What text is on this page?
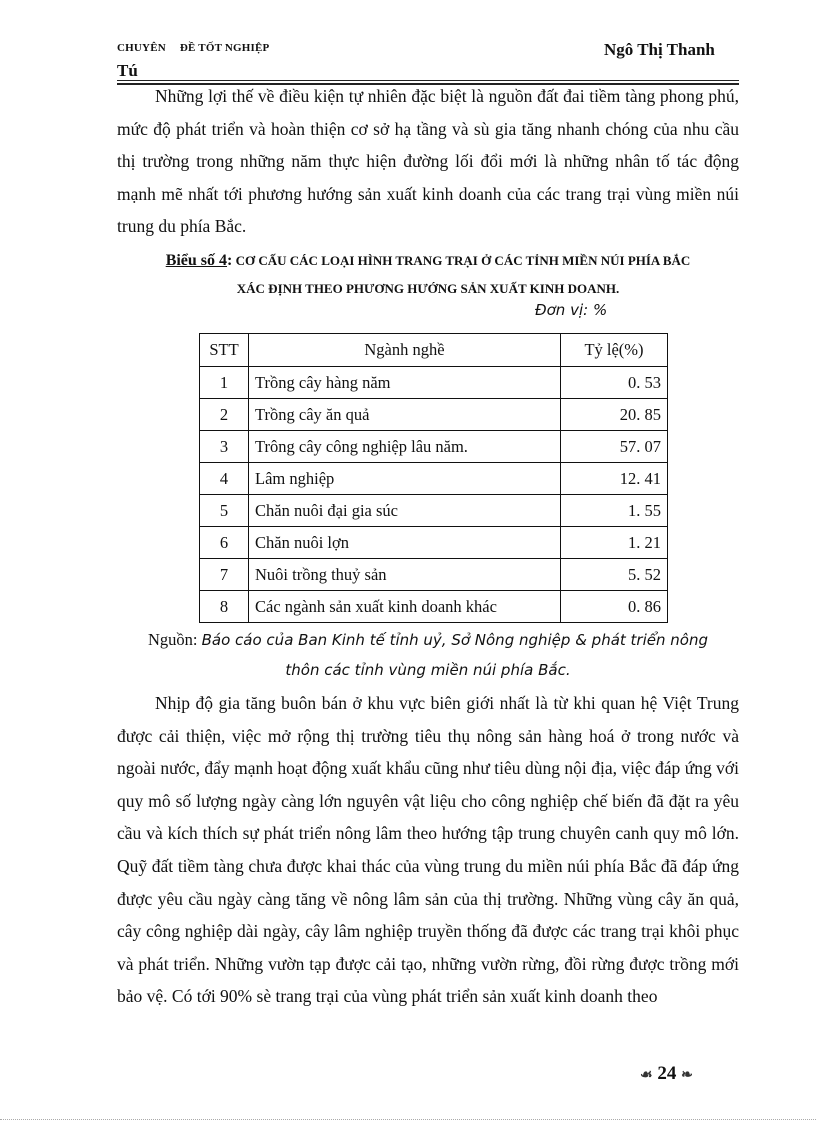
CHUYÊN ĐỀ TỐT NGHIỆP	Ngô Thị Thanh
Tú

Những lợi thế về điều kiện tự nhiên đặc biệt là nguồn đất đai tiềm tàng phong phú, mức độ phát triển và hoàn thiện cơ sở hạ tầng và sù gia tăng nhanh chóng của nhu cầu thị trường trong những năm thực hiện đường lối đổi mới là những nhân tố tác động mạnh mẽ nhất tới phương hướng sản xuất kinh doanh của các trang trại vùng miền núi trung du phía Bắc.

Biểu số 4: CƠ CẤU CÁC LOẠI HÌNH TRANG TRẠI Ở CÁC TỈNH MIỀN NÚI PHÍA BẮC
XÁC ĐỊNH THEO PHƯƠNG HƯỚNG SẢN XUẤT KINH DOANH.
Đơn vị: %
STT	Ngành nghề	Tỷ lệ(%)
1	Trồng cây hàng năm	0. 53
2	Trồng cây ăn quả	20. 85
3	Trông cây công nghiệp lâu năm.	57. 07
4	Lâm nghiệp	12. 41
5	Chăn nuôi đại gia súc	1. 55
6	Chăn nuôi lợn	1. 21
7	Nuôi trồng thuỷ sản	5. 52
8	Các ngành sản xuất kinh doanh khác	0. 86
Nguồn: Báo cáo của Ban Kinh tế tỉnh uỷ, Sở Nông nghiệp & phát triển nông
thôn các tỉnh vùng miền núi phía Bắc.

Nhịp độ gia tăng buôn bán ở khu vực biên giới nhất là từ khi quan hệ Việt Trung được cải thiện, việc mở rộng thị trường tiêu thụ nông sản hàng hoá ở trong nước và ngoài nước, đẩy mạnh hoạt động xuất khẩu cũng như tiêu dùng nội địa, việc đáp ứng với quy mô số lượng ngày càng lớn nguyên vật liệu cho công nghiệp chế biến đã đặt ra yêu cầu và kích thích sự phát triển nông lâm theo hướng tập trung chuyên canh quy mô lớn. Quỹ đất tiềm tàng chưa được khai thác của vùng trung du miền núi phía Bắc đã đáp ứng được yêu cầu ngày càng tăng về nông lâm sản của thị trường. Những vùng cây ăn quả, cây công nghiệp dài ngày, cây lâm nghiệp truyền thống đã được các trang trại khôi phục và phát triển. Những vườn tạp được cải tạo, những vườn rừng, đồi rừng được trồng mới bảo vệ. Có tới 90% sè trang trại của vùng phát triển sản xuất kinh doanh theo

☙ 24 ❧
